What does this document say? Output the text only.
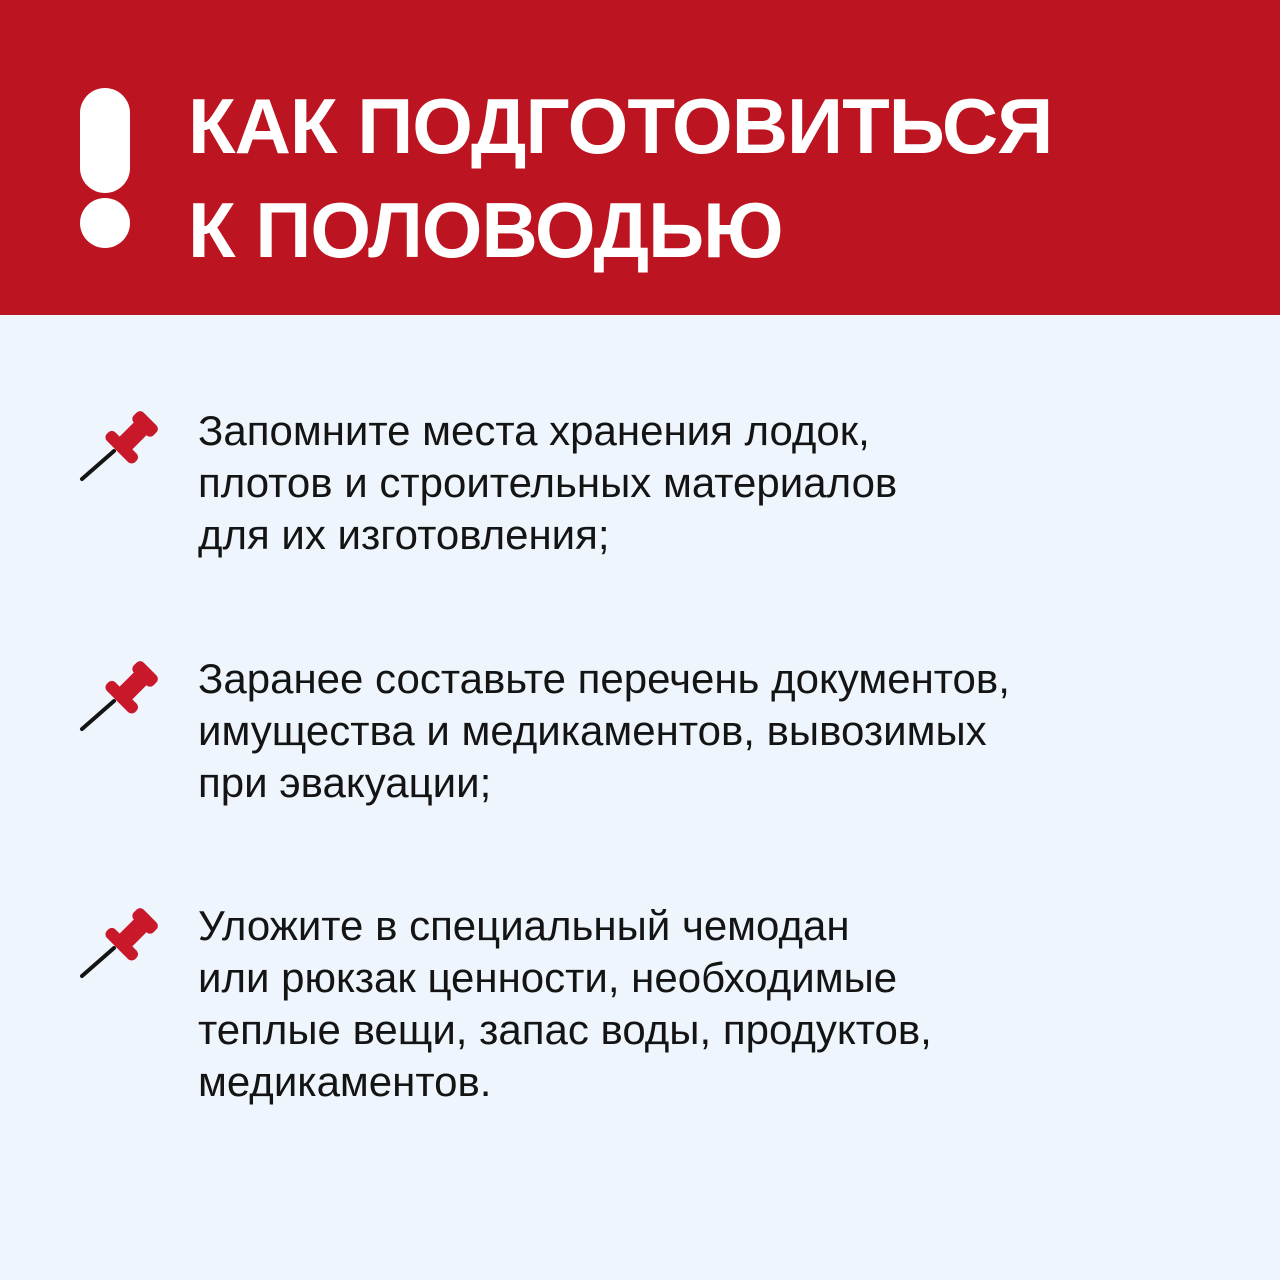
КАК ПОДГОТОВИТЬСЯ
К ПОЛОВОДЬЮ
Запомните места хранения лодок,
плотов и строительных материалов
для их изготовления;
Заранее составьте перечень документов,
имущества и медикаментов, вывозимых
при эвакуации;
Уложите в специальный чемодан
или рюкзак ценности, необходимые
теплые вещи, запас воды, продуктов,
медикаментов.
